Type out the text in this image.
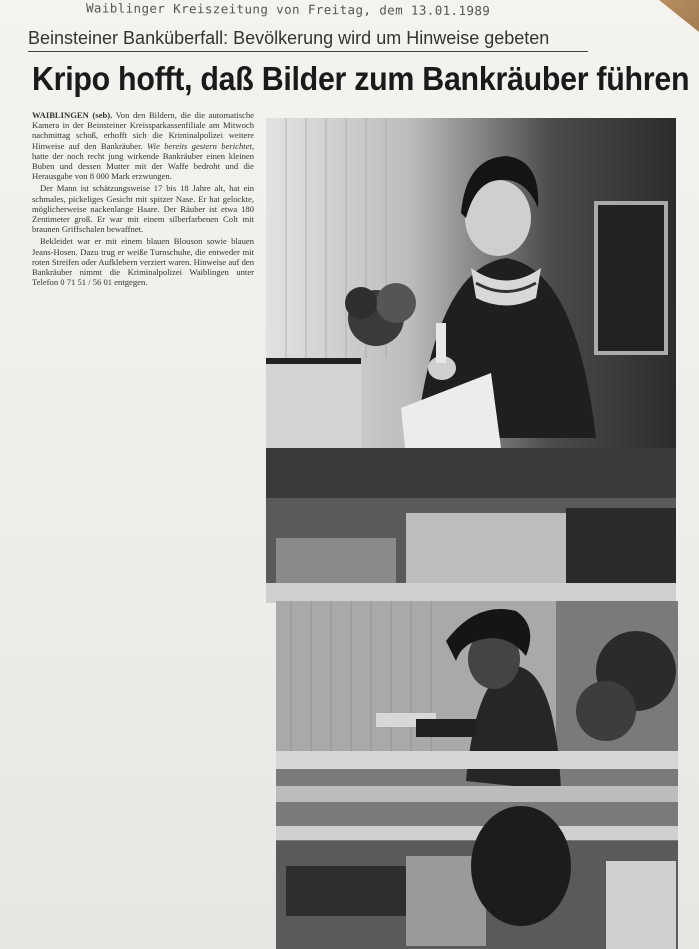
Waiblinger Kreiszeitung von Freitag, dem 13.01.1989
Beinsteiner Banküberfall: Bevölkerung wird um Hinweise gebeten
Kripo hofft, daß Bilder zum Bankräuber führen

WAIBLINGEN (seb). Von den Bildern, die die automatische Kamera in der Beinsteiner Kreissparkassenfiliale am Mitwoch nachmittag schoß, erhofft sich die Kriminalpolizei weitere Hinweise auf den Bankräuber. Wie bereits gestern berichtet, hatte der noch recht jung wirkende Bankräuber einen kleinen Buben und dessen Mutter mit der Waffe bedroht und die Herausgabe von 8 000 Mark erzwungen.

Der Mann ist schätzungsweise 17 bis 18 Jahre alt, hat ein schmales, pickeliges Gesicht mit spitzer Nase. Er hat gelockte, möglicherweise nackenlange Haare. Der Räuber ist etwa 180 Zentimeter groß. Er war mit einem silberfarbenen Colt mit braunen Griffschalen bewaffnet.

Bekleidet war er mit einem blauen Blouson sowie blauen Jeans-Hosen. Dazu trug er weiße Turnschuhe, die entweder mit roten Streifen oder Aufklebern verziert waren. Hinweise auf den Bankräuber nimmt die Kriminalpolizei Waiblingen unter Telefon 0 71 51 / 56 01 entgegen.
